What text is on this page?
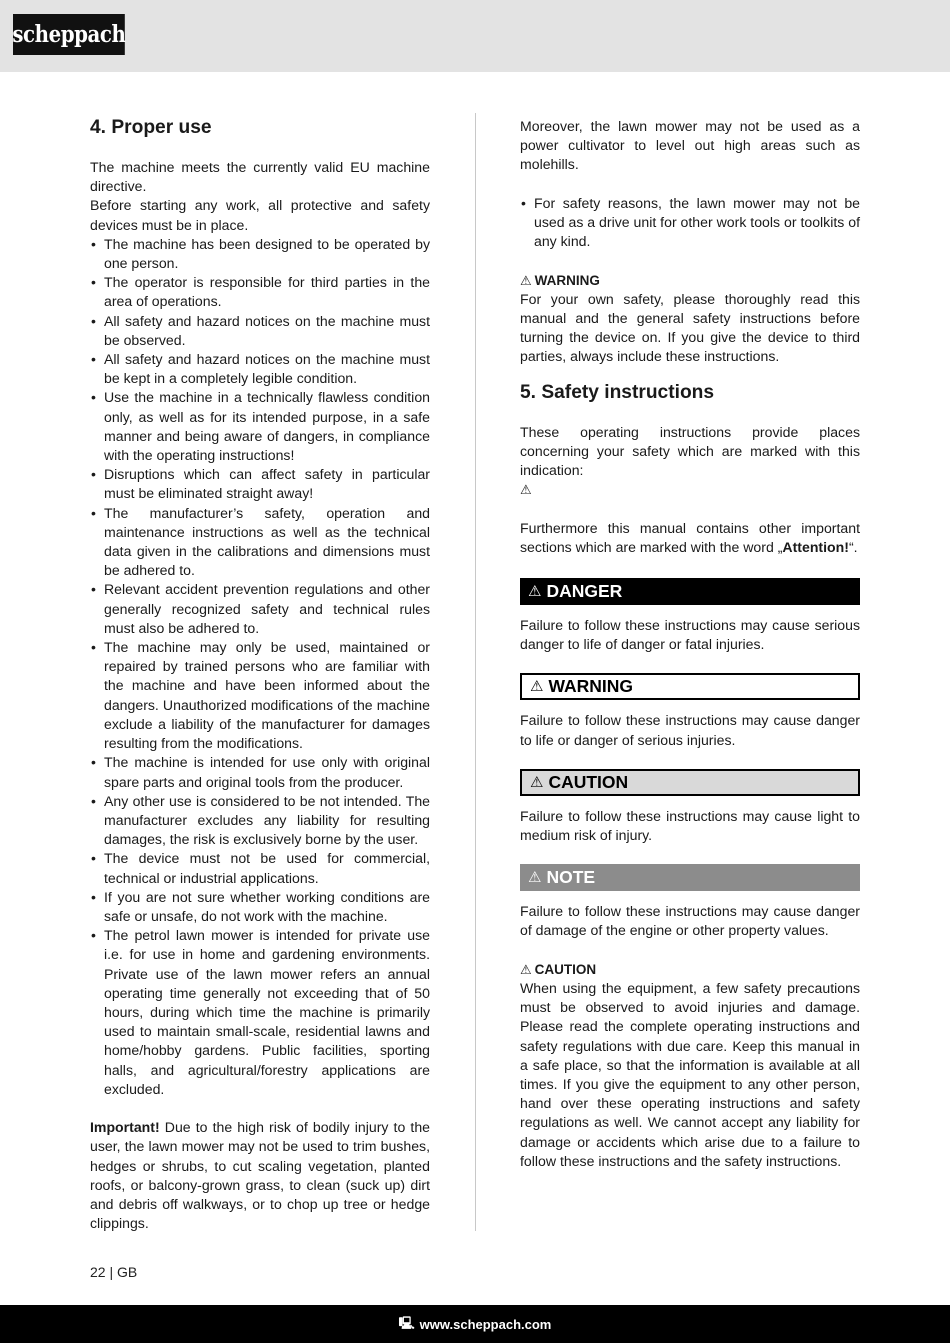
scheppach
4. Proper use

The machine meets the currently valid EU machine directive.

Before starting any work, all protective and safety devices must be in place.

• The machine has been designed to be operated by one person.
• The operator is responsible for third parties in the area of operations.
• All safety and hazard notices on the machine must be observed.
• All safety and hazard notices on the machine must be kept in a completely legible condition.
• Use the machine in a technically flawless condition only, as well as for its intended purpose, in a safe manner and being aware of dangers, in compliance with the operating instructions!
• Disruptions which can affect safety in particular must be eliminated straight away!
• The manufacturer’s safety, operation and maintenance instructions as well as the technical data given in the calibrations and dimensions must be adhered to.
• Relevant accident prevention regulations and other generally recognized safety and technical rules must also be adhered to.
• The machine may only be used, maintained or repaired by trained persons who are familiar with the machine and have been informed about the dangers. Unauthorized modifications of the machine exclude a liability of the manufacturer for damages resulting from the modifications.
• The machine is intended for use only with original spare parts and original tools from the producer.
• Any other use is considered to be not intended. The manufacturer excludes any liability for resulting damages, the risk is exclusively borne by the user.
• The device must not be used for commercial, technical or industrial applications.
• If you are not sure whether working conditions are safe or unsafe, do not work with the machine.
• The petrol lawn mower is intended for private use i.e. for use in home and gardening environments. Private use of the lawn mower refers an annual operating time generally not exceeding that of 50 hours, during which time the machine is primarily used to maintain small-scale, residential lawns and home/hobby gardens. Public facilities, sporting halls, and agricultural/forestry applications are excluded.

Important! Due to the high risk of bodily injury to the user, the lawn mower may not be used to trim bushes, hedges or shrubs, to cut scaling vegetation, planted roofs, or balcony-grown grass, to clean (suck up) dirt and debris off walkways, or to chop up tree or hedge clippings.

Moreover, the lawn mower may not be used as a power cultivator to level out high areas such as molehills.

• For safety reasons, the lawn mower may not be used as a drive unit for other work tools or toolkits of any kind.
⚠ WARNING

For your own safety, please thoroughly read this manual and the general safety instructions before turning the device on. If you give the device to third parties, always include these instructions.

5. Safety instructions

These operating instructions provide places concerning your safety which are marked with this indication:

⚠

Furthermore this manual contains other important sections which are marked with the word „Attention!“.

⚠ DANGER

Failure to follow these instructions may cause serious danger to life of danger or fatal injuries.

⚠ WARNING

Failure to follow these instructions may cause danger to life or danger of serious injuries.

⚠ CAUTION

Failure to follow these instructions may cause light to medium risk of injury.

⚠ NOTE

Failure to follow these instructions may cause danger of damage of the engine or other property values.

⚠ CAUTION

When using the equipment, a few safety precautions must be observed to avoid injuries and damage. Please read the complete operating instructions and safety regulations with due care. Keep this manual in a safe place, so that the information is available at all times. If you give the equipment to any other person, hand over these operating instructions and safety regulations as well. We cannot accept any liability for damage or accidents which arise due to a failure to follow these instructions and the safety instructions.

22 | GB
🖳 www.scheppach.com
